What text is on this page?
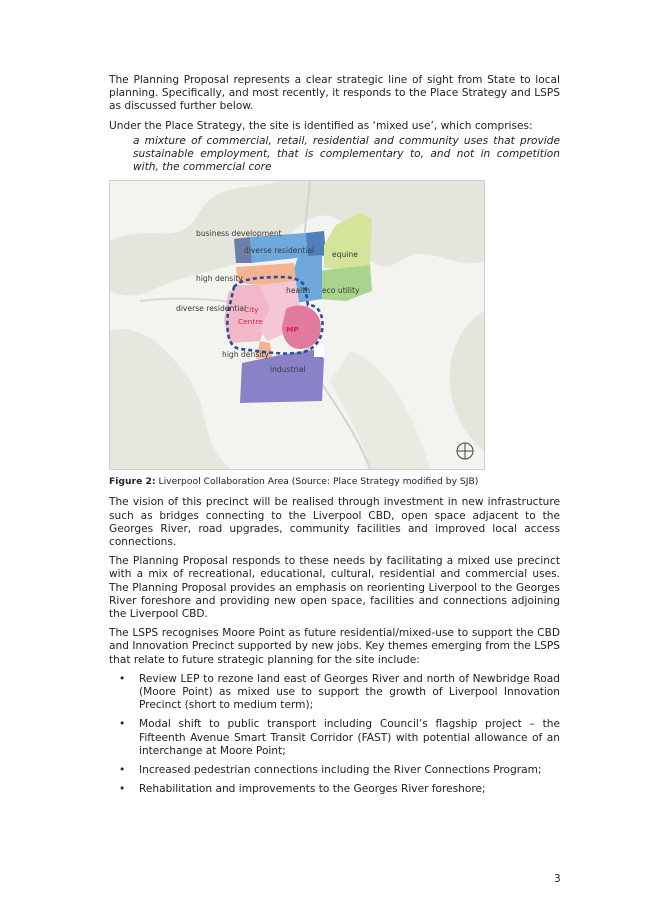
The Planning Proposal represents a clear strategic line of sight from State to local planning. Specifically, and most recently, it responds to the Place Strategy and LSPS as discussed further below.

Under the Place Strategy, the site is identified as ‘mixed use’, which comprises:

a mixture of commercial, retail, residential and community uses that provide sustainable employment, that is complementary to, and not in competition with, the commercial core

business development
diverse residential equine
high density
health eco utility
diverse residential
City
Centre
MP
high density
industrial

Figure 2: Liverpool Collaboration Area (Source: Place Strategy modified by SJB)

The vision of this precinct will be realised through investment in new infrastructure such as bridges connecting to the Liverpool CBD, open space adjacent to the Georges River, road upgrades, community facilities and improved local access connections.

The Planning Proposal responds to these needs by facilitating a mixed use precinct with a mix of recreational, educational, cultural, residential and commercial uses. The Planning Proposal provides an emphasis on reorienting Liverpool to the Georges River foreshore and providing new open space, facilities and connections adjoining the Liverpool CBD.

The LSPS recognises Moore Point as future residential/mixed-use to support the CBD and Innovation Precinct supported by new jobs. Key themes emerging from the LSPS that relate to future strategic planning for the site include:

• Review LEP to rezone land east of Georges River and north of Newbridge Road (Moore Point) as mixed use to support the growth of Liverpool Innovation Precinct (short to medium term);
• Modal shift to public transport including Council’s flagship project – the Fifteenth Avenue Smart Transit Corridor (FAST) with potential allowance of an interchange at Moore Point;
• Increased pedestrian connections including the River Connections Program;
• Rehabilitation and improvements to the Georges River foreshore;
3
